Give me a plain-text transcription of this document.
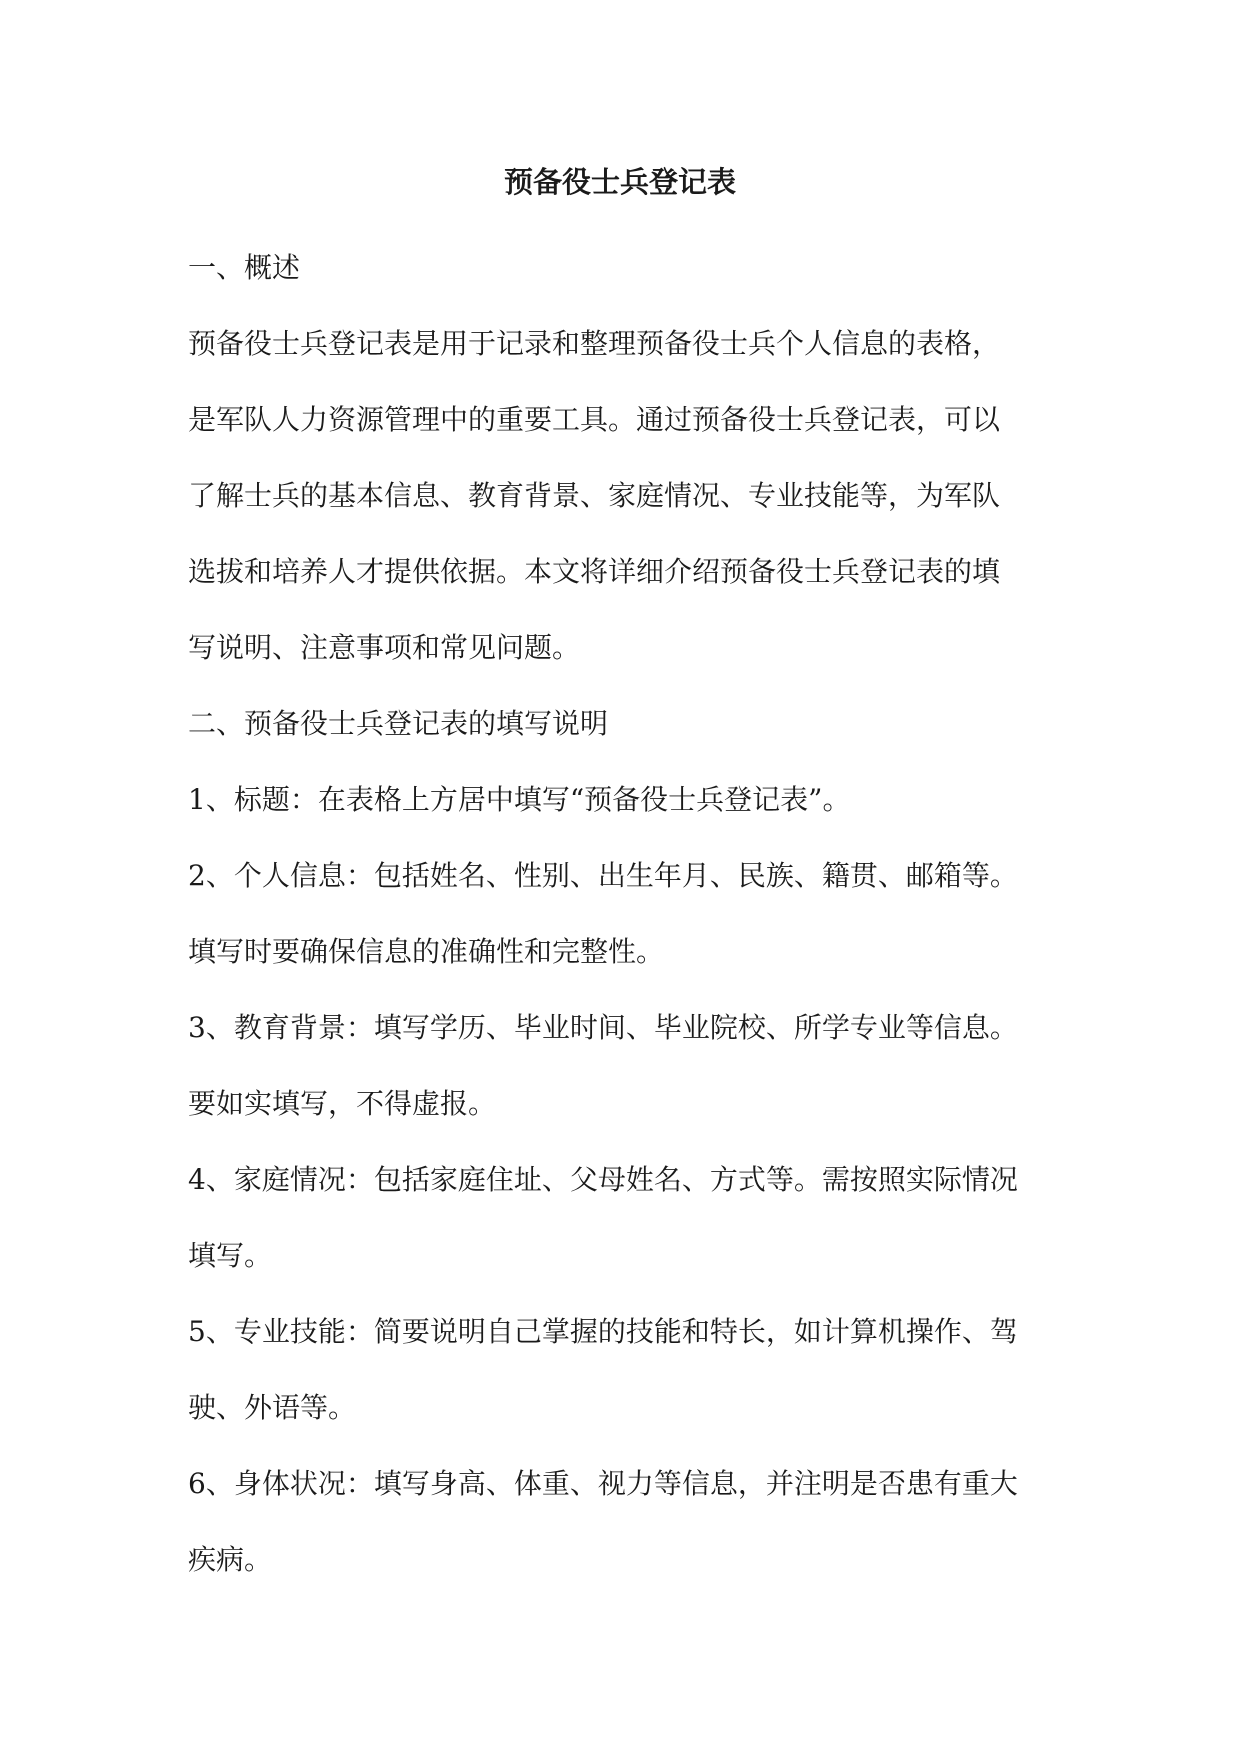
预备役士兵登记表

一、概述

预备役士兵登记表是用于记录和整理预备役士兵个人信息的表格，

是军队人力资源管理中的重要工具。通过预备役士兵登记表，可以

了解士兵的基本信息、教育背景、家庭情况、专业技能等，为军队

选拔和培养人才提供依据。本文将详细介绍预备役士兵登记表的填

写说明、注意事项和常见问题。

二、预备役士兵登记表的填写说明

1、标题：在表格上方居中填写“预备役士兵登记表”。

2、个人信息：包括姓名、性别、出生年月、民族、籍贯、邮箱等。

填写时要确保信息的准确性和完整性。

3、教育背景：填写学历、毕业时间、毕业院校、所学专业等信息。

要如实填写，不得虚报。

4、家庭情况：包括家庭住址、父母姓名、方式等。需按照实际情况

填写。

5、专业技能：简要说明自己掌握的技能和特长，如计算机操作、驾

驶、外语等。

6、身体状况：填写身高、体重、视力等信息，并注明是否患有重大

疾病。
